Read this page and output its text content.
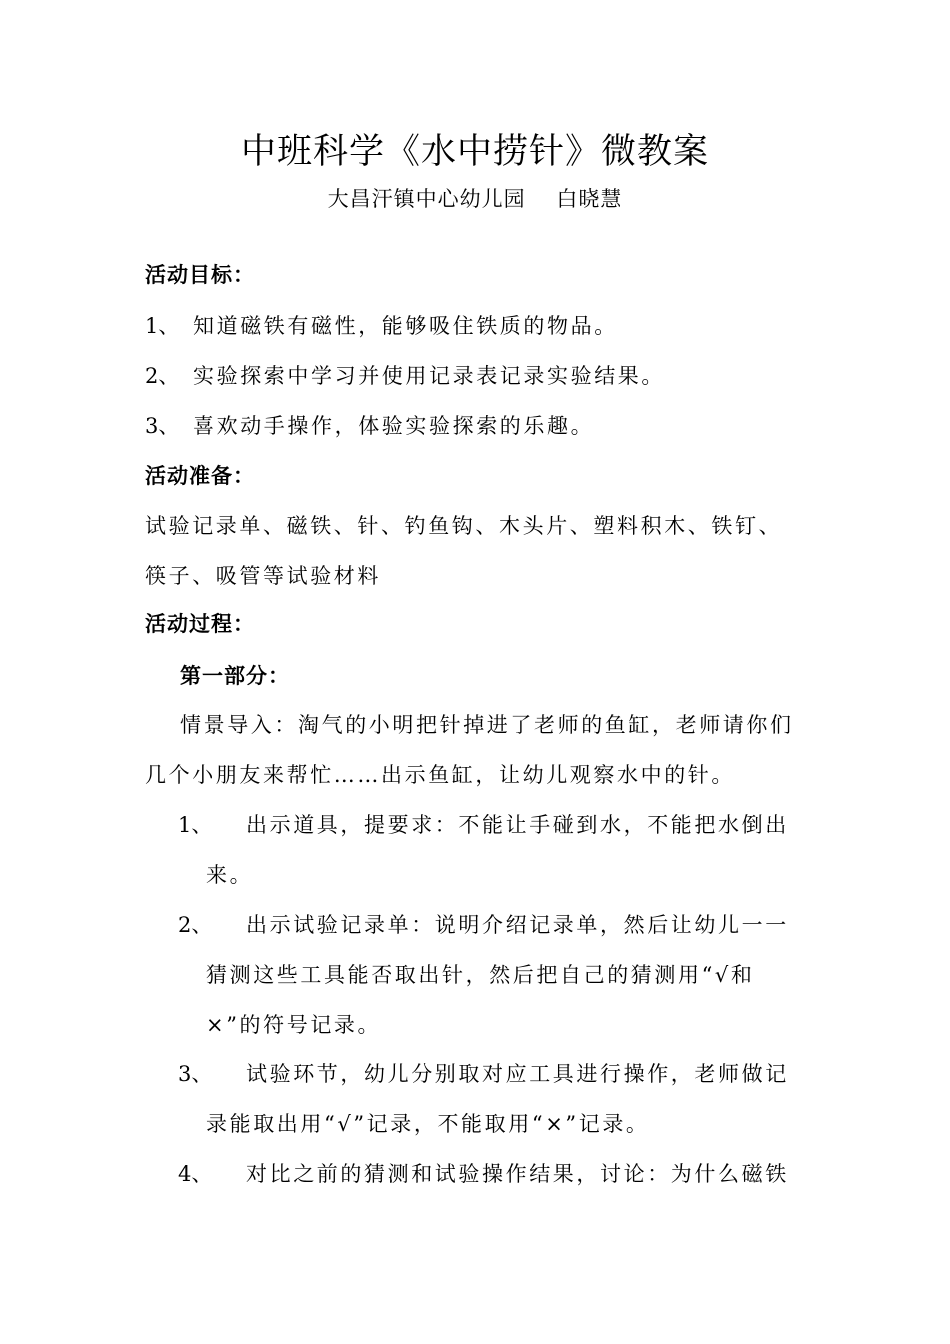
中班科学《水中捞针》微教案
大昌汗镇中心幼儿园    白晓慧
活动目标：
1、 知道磁铁有磁性，能够吸住铁质的物品。
2、 实验探索中学习并使用记录表记录实验结果。
3、 喜欢动手操作，体验实验探索的乐趣。
活动准备：
试验记录单、磁铁、针、钓鱼钩、木头片、塑料积木、铁钉、
筷子、吸管等试验材料
活动过程：
第一部分：
情景导入：淘气的小明把针掉进了老师的鱼缸，老师请你们
几个小朋友来帮忙……出示鱼缸，让幼儿观察水中的针。
1、 出示道具，提要求：不能让手碰到水，不能把水倒出
来。
2、 出示试验记录单：说明介绍记录单，然后让幼儿一一
猜测这些工具能否取出针，然后把自己的猜测用“√和
×”的符号记录。
3、 试验环节，幼儿分别取对应工具进行操作，老师做记
录能取出用“√”记录，不能取用“×”记录。
4、 对比之前的猜测和试验操作结果，讨论：为什么磁铁
